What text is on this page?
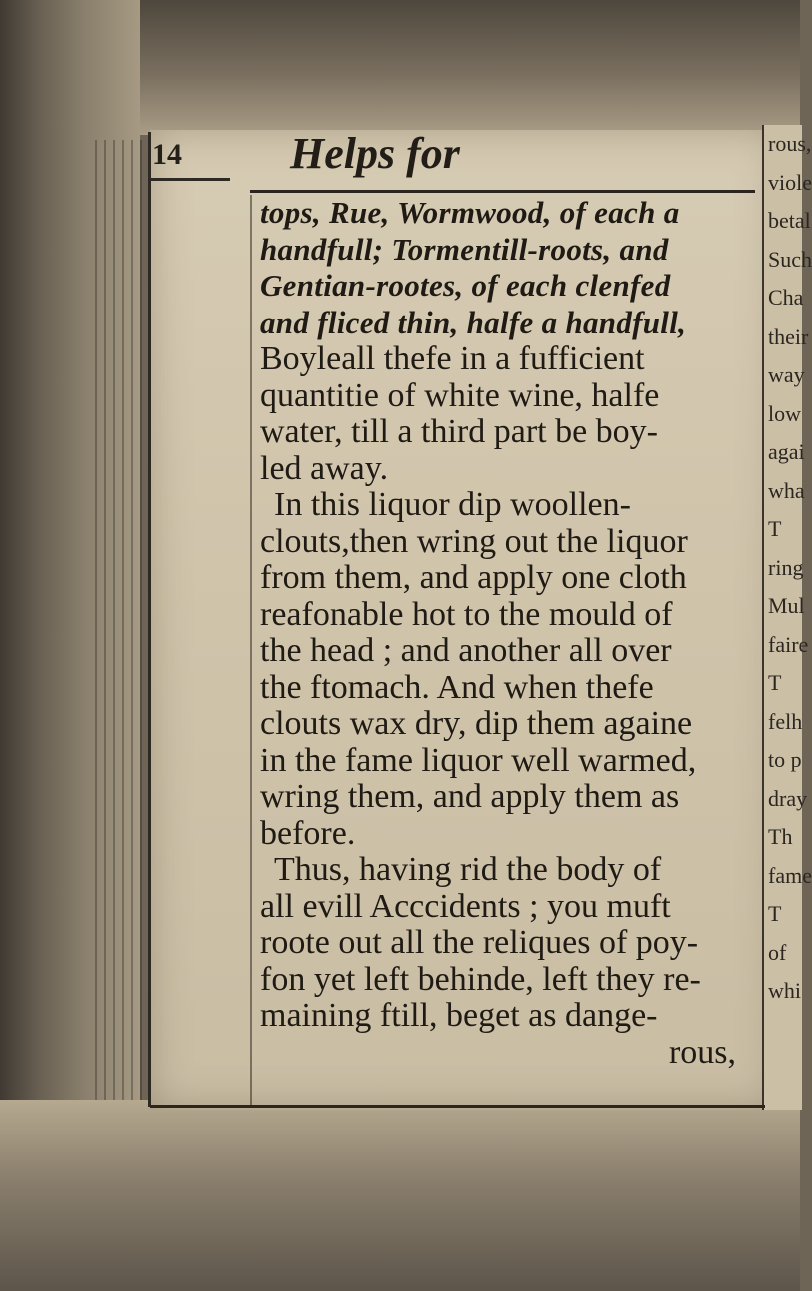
rous,
viole
betal
Such
Cha
their
way
low
agai
wha
T
ring
Mul
faire
T
felh
to p
dray
Th
fame
T
of
whi
14 Helps for
tops, Rue, Wormwood, of each a
handfull; Tormentill-roots, and
Gentian-rootes, of each clenfed
and fliced thin, halfe a handfull,
Boyleall thefe in a fufficient
quantitie of white wine, halfe
water, till a third part be boy-
led away.
In this liquor dip woollen-
clouts,then wring out the liquor
from them, and apply one cloth
reafonable hot to the mould of
the head ; and another all over
the ftomach. And when thefe
clouts wax dry, dip them againe
in the fame liquor well warmed,
wring them, and apply them as
before.
Thus, having rid the body of
all evill Acccidents ; you muft
roote out all the reliques of poy-
fon yet left behinde, left they re-
maining ftill, beget as dange-
rous,
